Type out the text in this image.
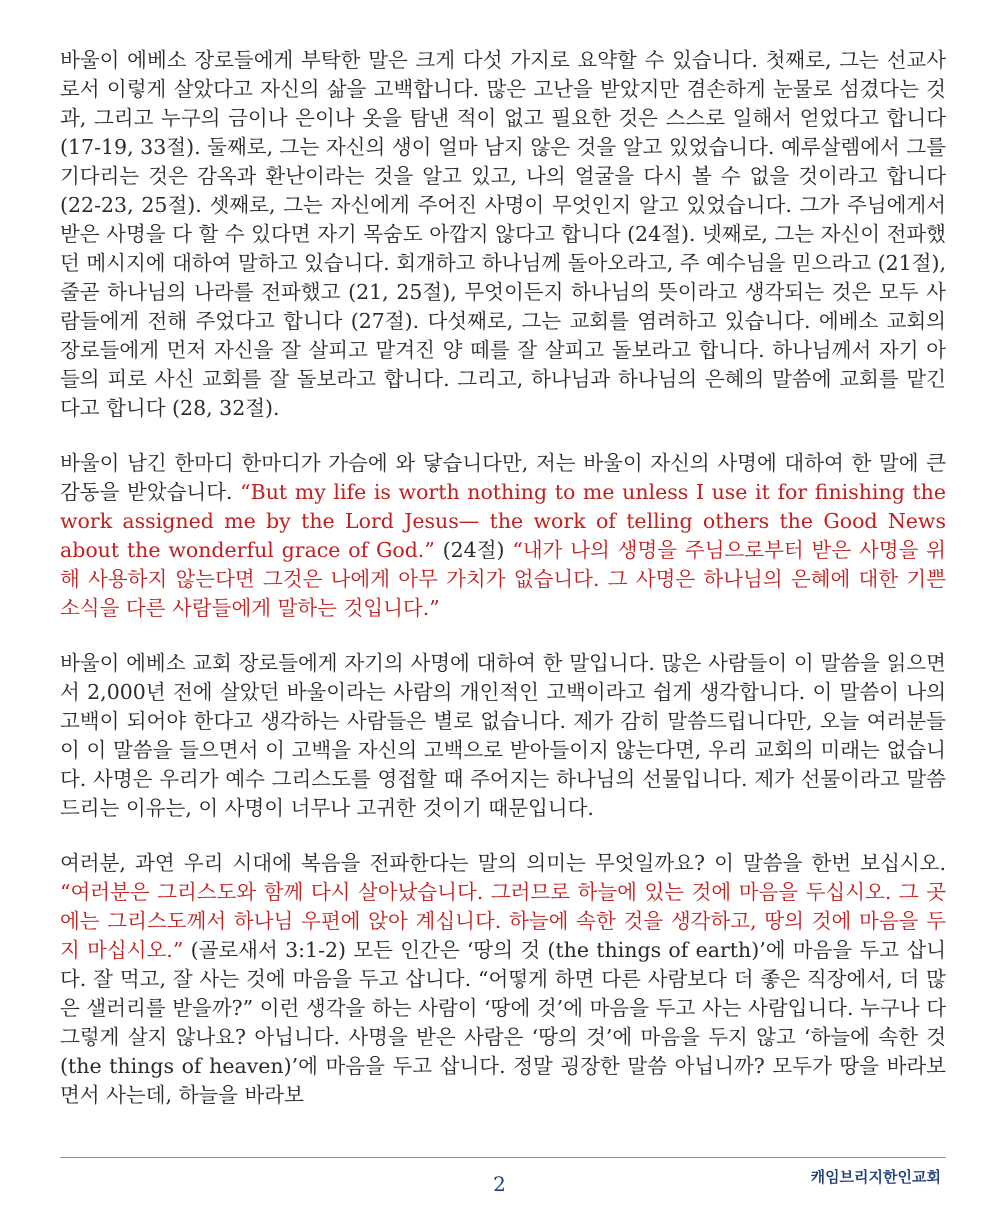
바울이 에베소 장로들에게 부탁한 말은 크게 다섯 가지로 요약할 수 있습니다. 첫째로, 그는 선교사로서 이렇게 살았다고 자신의 삶을 고백합니다. 많은 고난을 받았지만 겸손하게 눈물로 섬겼다는 것과, 그리고 누구의 금이나 은이나 옷을 탐낸 적이 없고 필요한 것은 스스로 일해서 얻었다고 합니다 (17-19, 33절). 둘째로, 그는 자신의 생이 얼마 남지 않은 것을 알고 있었습니다. 예루살렘에서 그를 기다리는 것은 감옥과 환난이라는 것을 알고 있고, 나의 얼굴을 다시 볼 수 없을 것이라고 합니다 (22-23, 25절). 셋째로, 그는 자신에게 주어진 사명이 무엇인지 알고 있었습니다. 그가 주님에게서 받은 사명을 다 할 수 있다면 자기 목숨도 아깝지 않다고 합니다 (24절). 넷째로, 그는 자신이 전파했던 메시지에 대하여 말하고 있습니다. 회개하고 하나님께 돌아오라고, 주 예수님을 믿으라고 (21절), 줄곧 하나님의 나라를 전파했고 (21, 25절), 무엇이든지 하나님의 뜻이라고 생각되는 것은 모두 사람들에게 전해 주었다고 합니다 (27절). 다섯째로, 그는 교회를 염려하고 있습니다. 에베소 교회의 장로들에게 먼저 자신을 잘 살피고 맡겨진 양 떼를 잘 살피고 돌보라고 합니다. 하나님께서 자기 아들의 피로 사신 교회를 잘 돌보라고 합니다. 그리고, 하나님과 하나님의 은혜의 말씀에 교회를 맡긴다고 합니다 (28, 32절).

바울이 남긴 한마디 한마디가 가슴에 와 닿습니다만, 저는 바울이 자신의 사명에 대하여 한 말에 큰 감동을 받았습니다. “But my life is worth nothing to me unless I use it for finishing the work assigned me by the Lord Jesus— the work of telling others the Good News about the wonderful grace of God.” (24절) “내가 나의 생명을 주님으로부터 받은 사명을 위해 사용하지 않는다면 그것은 나에게 아무 가치가 없습니다. 그 사명은 하나님의 은혜에 대한 기쁜 소식을 다른 사람들에게 말하는 것입니다.”

바울이 에베소 교회 장로들에게 자기의 사명에 대하여 한 말입니다. 많은 사람들이 이 말씀을 읽으면서 2,000년 전에 살았던 바울이라는 사람의 개인적인 고백이라고 쉽게 생각합니다. 이 말씀이 나의 고백이 되어야 한다고 생각하는 사람들은 별로 없습니다. 제가 감히 말씀드립니다만, 오늘 여러분들이 이 말씀을 들으면서 이 고백을 자신의 고백으로 받아들이지 않는다면, 우리 교회의 미래는 없습니다. 사명은 우리가 예수 그리스도를 영접할 때 주어지는 하나님의 선물입니다. 제가 선물이라고 말씀 드리는 이유는, 이 사명이 너무나 고귀한 것이기 때문입니다.

여러분, 과연 우리 시대에 복음을 전파한다는 말의 의미는 무엇일까요? 이 말씀을 한번 보십시오. “여러분은 그리스도와 함께 다시 살아났습니다. 그러므로 하늘에 있는 것에 마음을 두십시오. 그 곳에는 그리스도께서 하나님 우편에 앉아 계십니다. 하늘에 속한 것을 생각하고, 땅의 것에 마음을 두지 마십시오.” (골로새서 3:1-2) 모든 인간은 ‘땅의 것 (the things of earth)’에 마음을 두고 삽니다. 잘 먹고, 잘 사는 것에 마음을 두고 삽니다. “어떻게 하면 다른 사람보다 더 좋은 직장에서, 더 많은 샐러리를 받을까?” 이런 생각을 하는 사람이 ‘땅에 것’에 마음을 두고 사는 사람입니다. 누구나 다 그렇게 살지 않나요? 아닙니다. 사명을 받은 사람은 ‘땅의 것’에 마음을 두지 않고 ‘하늘에 속한 것 (the things of heaven)’에 마음을 두고 삽니다. 정말 굉장한 말씀 아닙니까? 모두가 땅을 바라보면서 사는데, 하늘을 바라보

캐임브리지한인교회
2
